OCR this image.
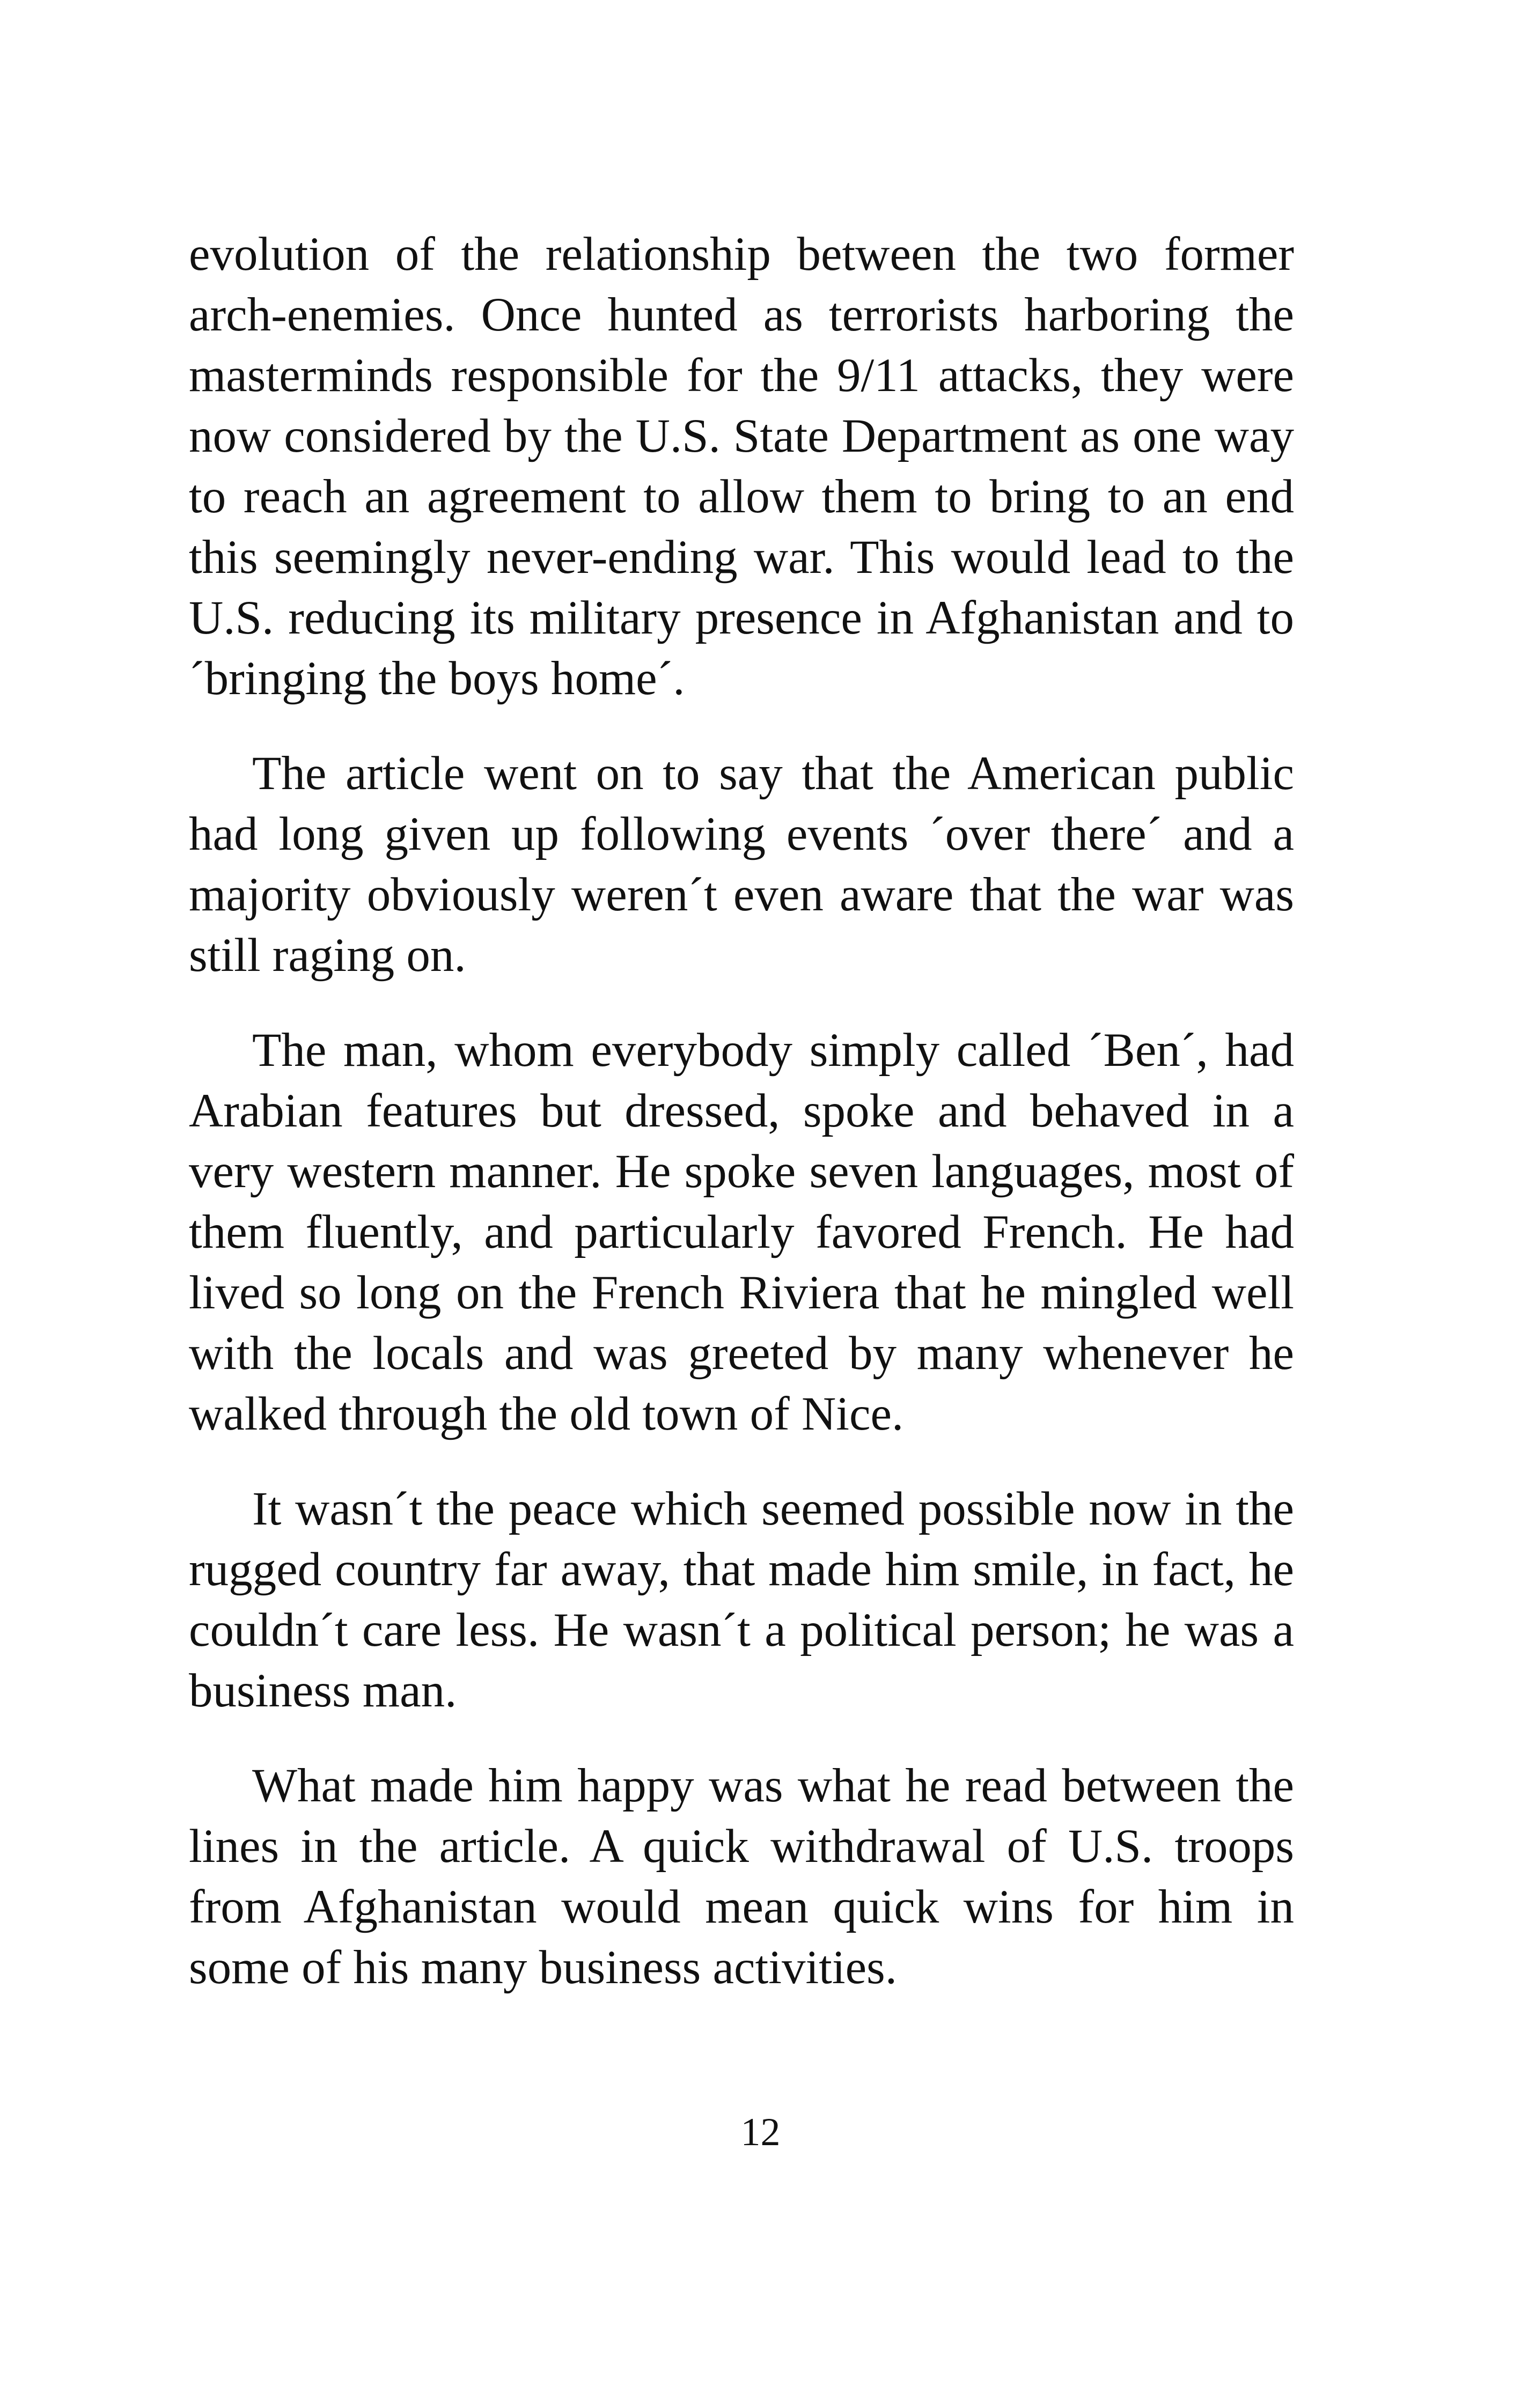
evolution of the relationship between the two former arch-enemies. Once hunted as terrorists harboring the masterminds responsible for the 9/11 attacks, they were now considered by the U.S. State Department as one way to reach an agreement to allow them to bring to an end this seemingly never-ending war. This would lead to the U.S. reducing its military presence in Afghanistan and to ´bringing the boys home´.

The article went on to say that the American public had long given up following events ´over there´ and a majority obviously weren´t even aware that the war was still raging on.

The man, whom everybody simply called ´Ben´, had Arabian features but dressed, spoke and behaved in a very western manner. He spoke seven languages, most of them fluently, and particularly favored French. He had lived so long on the French Riviera that he mingled well with the locals and was greeted by many whenever he walked through the old town of Nice.

It wasn´t the peace which seemed possible now in the rugged country far away, that made him smile, in fact, he couldn´t care less. He wasn´t a political person; he was a business man.

What made him happy was what he read between the lines in the article. A quick withdrawal of U.S. troops from Afghanistan would mean quick wins for him in some of his many business activities.

12
